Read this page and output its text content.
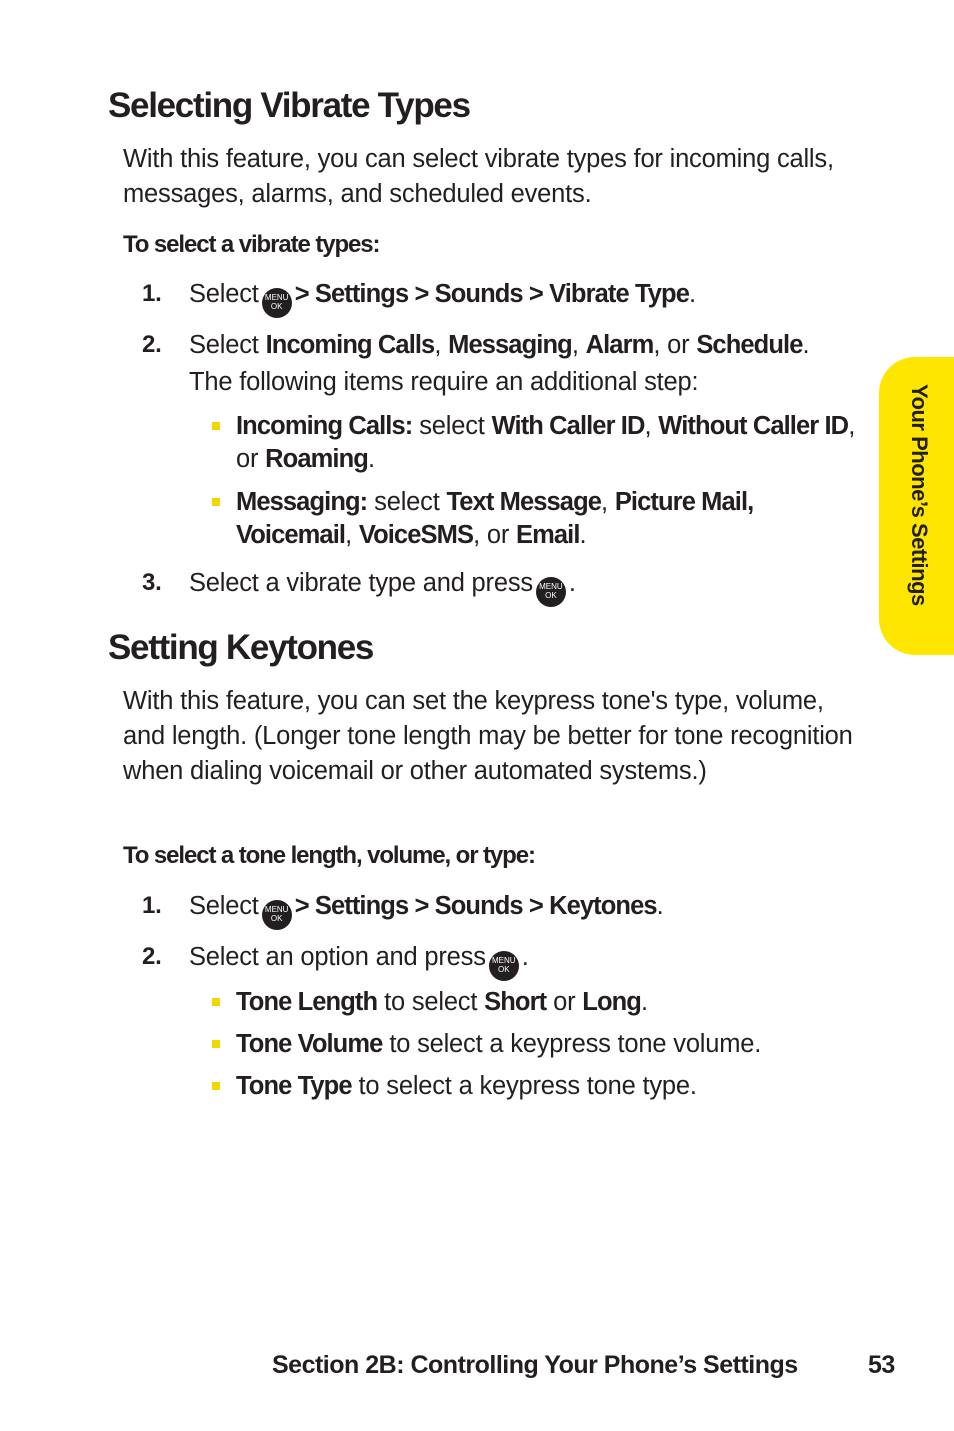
Selecting Vibrate Types
With this feature, you can select vibrate types for incoming calls, messages, alarms, and scheduled events.
To select a vibrate types:
1. Select MENU
OK > Settings > Sounds > Vibrate Type.
2. Select Incoming Calls, Messaging, Alarm, or Schedule.
The following items require an additional step:
Incoming Calls: select With Caller ID, Without Caller ID,
or Roaming.
Messaging: select Text Message, Picture Mail,
Voicemail, VoiceSMS, or Email.
3. Select a vibrate type and press MENU
OK .
Setting Keytones
With this feature, you can set the keypress tone's type, volume, and length. (Longer tone length may be better for tone recognition when dialing voicemail or other automated systems.)
To select a tone length, volume, or type:
1. Select MENU
OK > Settings > Sounds > Keytones.
2. Select an option and press MENU
OK .
Tone Length to select Short or Long.
Tone Volume to select a keypress tone volume.
Tone Type to select a keypress tone type.
Your Phone’s Settings
Section 2B: Controlling Your Phone’s Settings	53
